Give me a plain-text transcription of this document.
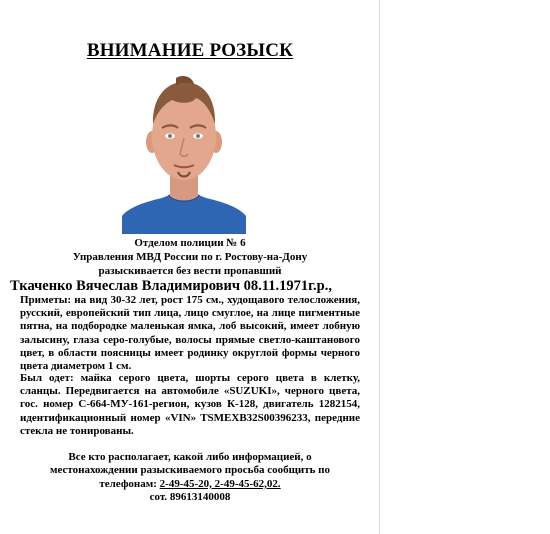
ВНИМАНИЕ РОЗЫСК
Отделом полиции № 6
Управления МВД России по г. Ростову-на-Дону
разыскивается без вести пропавший
Ткаченко Вячеслав Владимирович 08.11.1971г.р.,
Приметы: на вид 30-32 лет, рост 175 см., худощавого телосложения, русский, европейский тип лица, лицо смуглое, на лице пигментные пятна, на подбородке маленькая ямка, лоб высокий, имеет лобную залысину, глаза серо-голубые, волосы прямые светло-каштанового цвет, в области поясницы имеет родинку округлой формы черного цвета диаметром 1 см.
Был одет: майка серого цвета, шорты серого цвета в клетку, сланцы. Передвигается на автомобиле «SUZUKI», черного цвета, гос. номер С-664-МУ-161-регион, кузов К-128, двигатель 1282154, идентификационный номер «VIN» TSMEXB32S00396233, передние стекла не тонированы.
Все кто располагает, какой либо информацией, о
местонахождении разыскиваемого просьба сообщить по
телефонам: 2-49-45-20, 2-49-45-62,02.
сот. 89613140008
